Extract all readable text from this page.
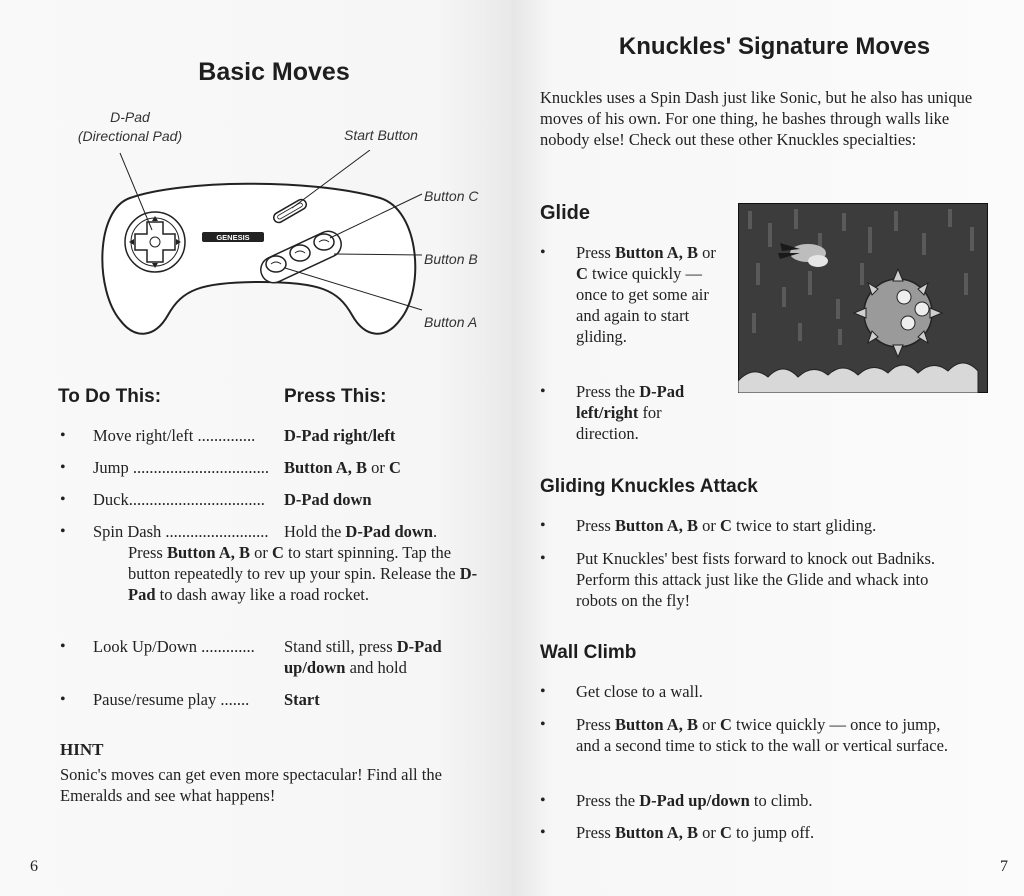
Basic Moves
D-Pad
(Directional Pad)	Start Button
Button C
Button B
Button A
GENESIS
To Do This:	Press This:
• Move right/left ..............	D-Pad right/left
• Jump ................................. Button A, B or C
• Duck.................................	D-Pad down
• Spin Dash ......................... Hold the D-Pad down.
Press Button A, B or C to start spinning. Tap the button repeatedly to rev up your spin. Release the D-Pad to dash away like a road rocket.
• Look Up/Down .............	Stand still, press D-Pad
up/down and hold
• Pause/resume play .......	Start
HINT
Sonic's moves can get even more spectacular! Find all the Emeralds and see what happens!
6
Knuckles' Signature Moves
Knuckles uses a Spin Dash just like Sonic, but he also has unique moves of his own. For one thing, he bashes through walls like nobody else! Check out these other Knuckles specialties:
Glide
• Press Button A, B or C twice quickly — once to get some air and again to start gliding.
• Press the D-Pad left/right for direction.
Gliding Knuckles Attack
• Press Button A, B or C twice to start gliding.
• Put Knuckles' best fists forward to knock out Badniks. Perform this attack just like the Glide and whack into robots on the fly!
Wall Climb
• Get close to a wall.
• Press Button A, B or C twice quickly — once to jump, and a second time to stick to the wall or vertical surface.
• Press the D-Pad up/down to climb.
• Press Button A, B or C to jump off.
7
